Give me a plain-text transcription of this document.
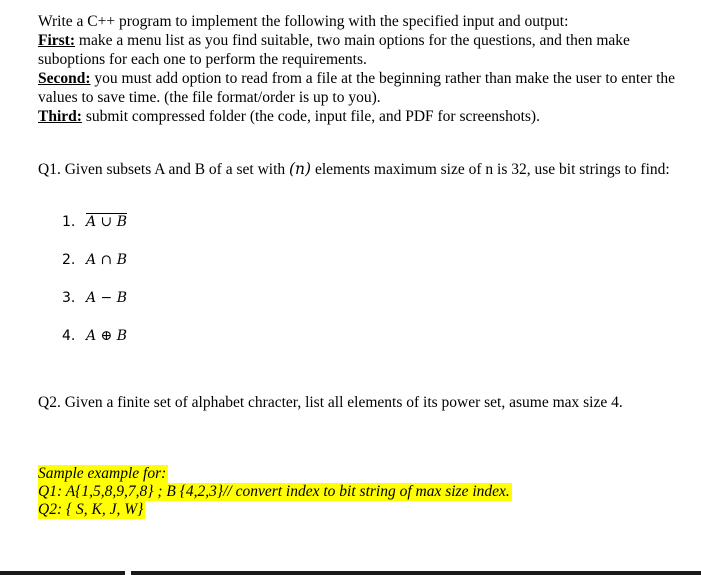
Write a C++ program to implement the following with the specified input and output:

First: make a menu list as you find suitable, two main options for the questions, and then make suboptions for each one to perform the requirements.

Second: you must add option to read from a file at the beginning rather than make the user to enter the values to save time. (the file format/order is up to you).

Third: submit compressed folder (the code, input file, and PDF for screenshots).

Q1. Given subsets A and B of a set with (n) elements maximum size of n is 32, use bit strings to find:

1. A ∪ B
2. A ∩ B
3. A − B
4. A ⊕ B

Q2. Given a finite set of alphabet chracter, list all elements of its power set, asume max size 4.

Sample example for:
Q1: A{1,5,8,9,7,8} ; B {4,2,3}// convert index to bit string of max size index.
Q2: { S, K, J, W}
